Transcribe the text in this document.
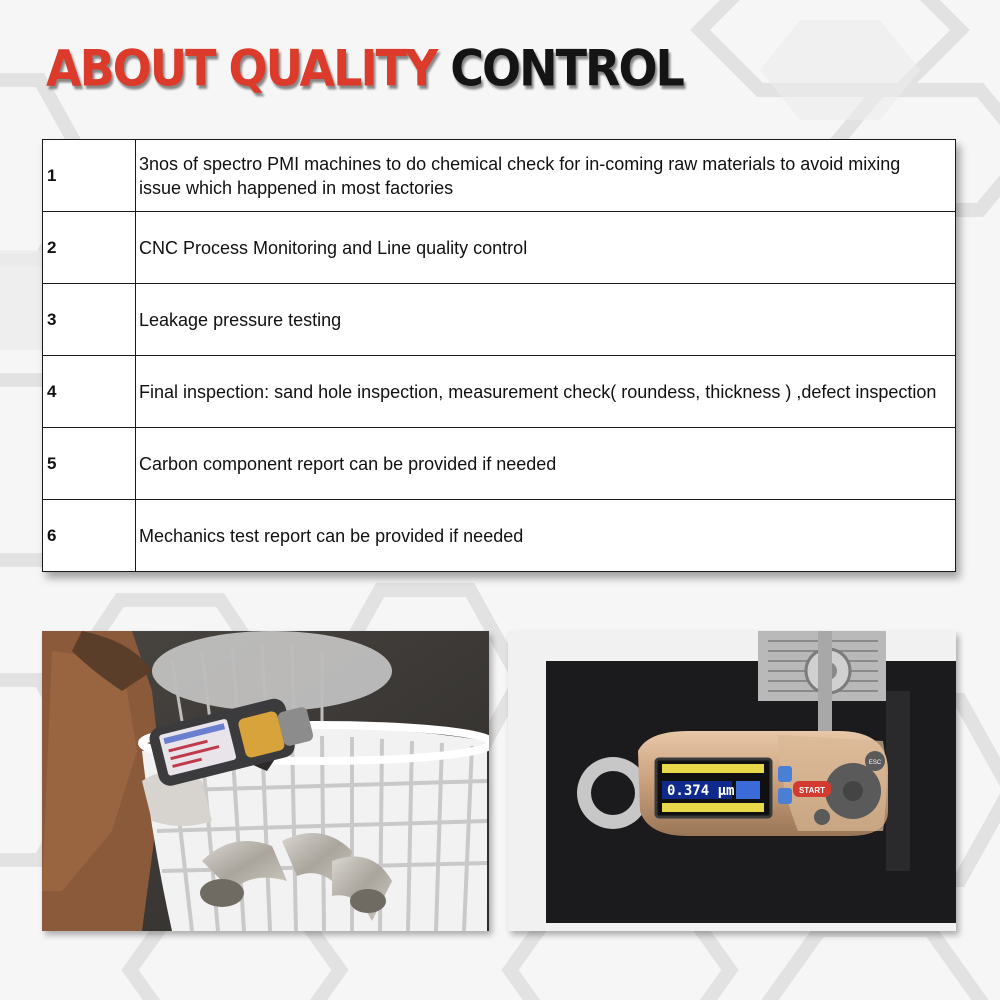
ABOUT QUALITY CONTROL
1	3nos of spectro PMI machines to do chemical check for in-coming raw materials to avoid mixing issue which happened in most factories
2	CNC Process Monitoring and Line quality control
3	Leakage pressure testing
4	Final inspection: sand hole inspection, measurement check( roundess, thickness ) ,defect inspection
5	Carbon component report can be provided if needed
6	Mechanics test report can be provided if needed
0.374 µm	START
ESC
